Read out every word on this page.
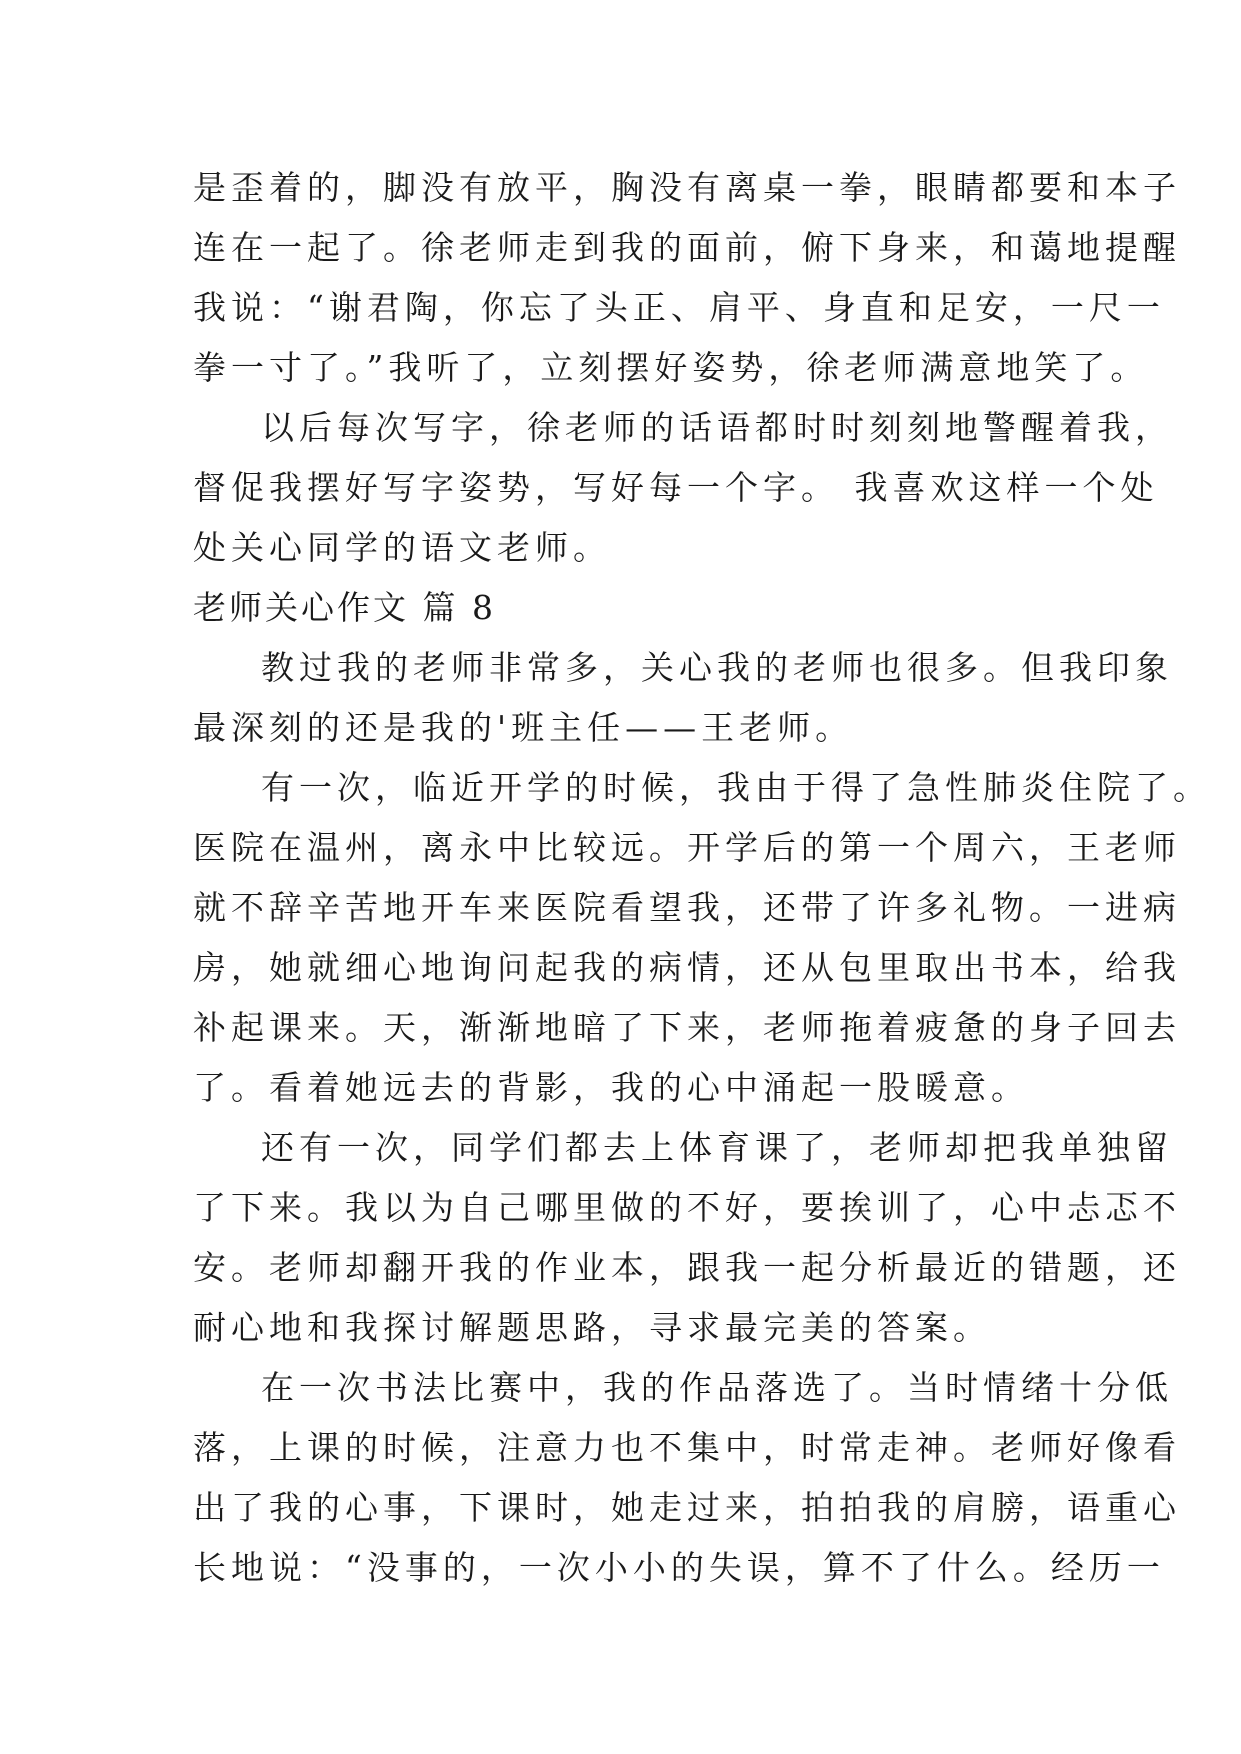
是歪着的，脚没有放平，胸没有离桌一拳，眼睛都要和本子
连在一起了。徐老师走到我的面前，俯下身来，和蔼地提醒
我说：“谢君陶，你忘了头正、肩平、身直和足安，一尺一
拳一寸了。”我听了，立刻摆好姿势，徐老师满意地笑了。
以后每次写字，徐老师的话语都时时刻刻地警醒着我，
督促我摆好写字姿势，写好每一个字。 我喜欢这样一个处
处关心同学的语文老师。
老师关心作文 篇 8
教过我的老师非常多，关心我的老师也很多。但我印象
最深刻的还是我的'班主任——王老师。
有一次，临近开学的时候，我由于得了急性肺炎住院了。
医院在温州，离永中比较远。开学后的第一个周六，王老师
就不辞辛苦地开车来医院看望我，还带了许多礼物。一进病
房，她就细心地询问起我的病情，还从包里取出书本，给我
补起课来。天，渐渐地暗了下来，老师拖着疲惫的身子回去
了。看着她远去的背影，我的心中涌起一股暖意。
还有一次，同学们都去上体育课了，老师却把我单独留
了下来。我以为自己哪里做的不好，要挨训了，心中忐忑不
安。老师却翻开我的作业本，跟我一起分析最近的错题，还
耐心地和我探讨解题思路，寻求最完美的答案。
在一次书法比赛中，我的作品落选了。当时情绪十分低
落，上课的时候，注意力也不集中，时常走神。老师好像看
出了我的心事，下课时，她走过来，拍拍我的肩膀，语重心
长地说：“没事的，一次小小的失误，算不了什么。经历一
